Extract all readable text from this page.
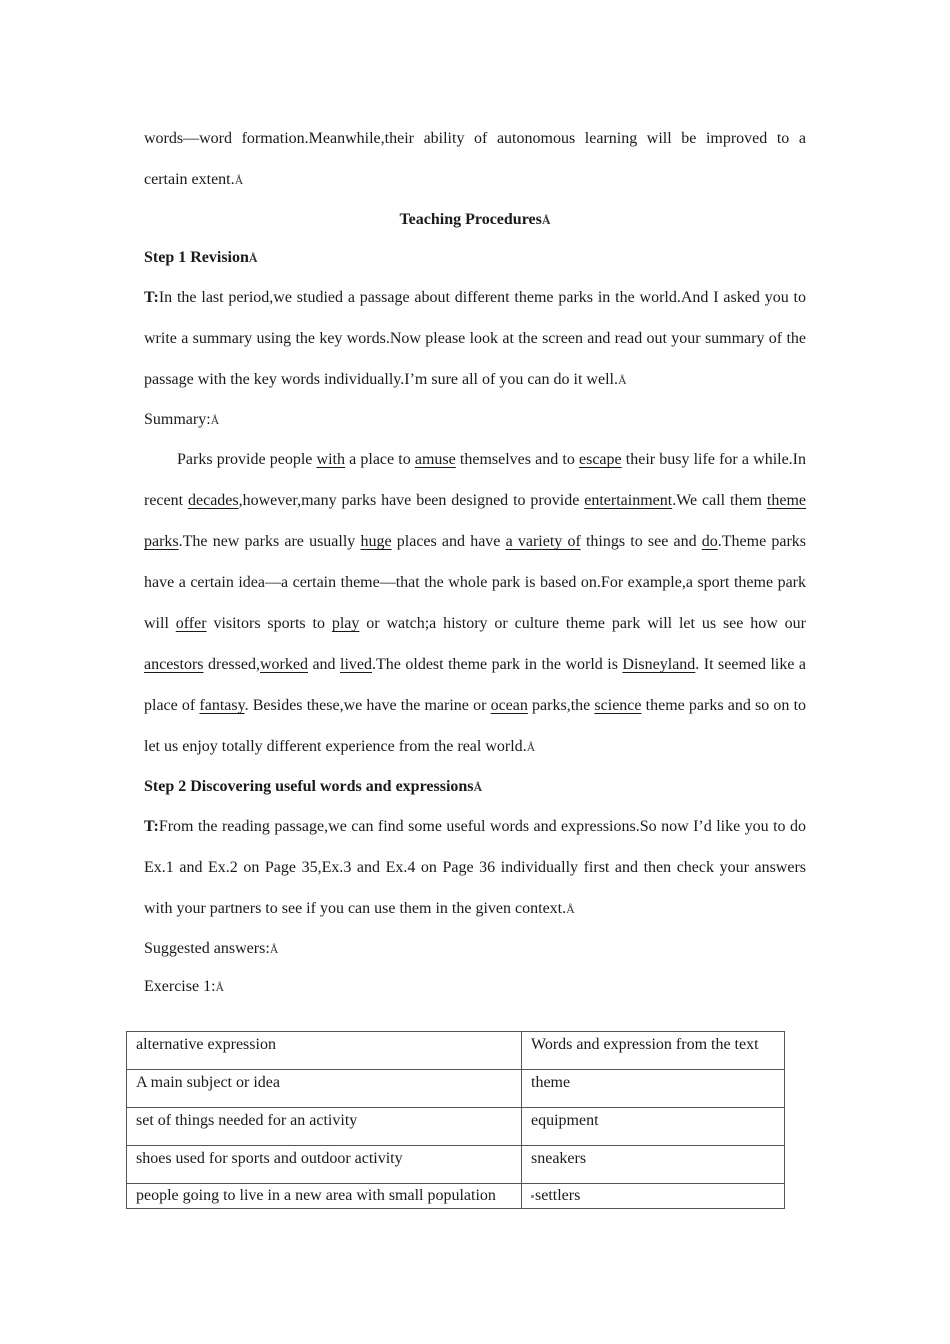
words—word formation.Meanwhile,their ability of autonomous learning will be improved to a

certain extent.Å

Teaching ProceduresÅ

Step 1 RevisionÅ

T:In the last period,we studied a passage about different theme parks in the world.And I asked you to write a summary using the key words.Now please look at the screen and read out your summary of the passage with the key words individually.I’m sure all of you can do it well.Å

Summary:Å

Parks provide people with a place to amuse themselves and to escape their busy life for a while.In recent decades,however,many parks have been designed to provide entertainment.We call them theme parks.The new parks are usually huge places and have a variety of things to see and do.Theme parks have a certain idea—a certain theme—that the whole park is based on.For example,a sport theme park will offer visitors sports to play or watch;a history or culture theme park will let us see how our ancestors dressed,worked and lived.The oldest theme park in the world is Disneyland. It seemed like a place of fantasy. Besides these,we have the marine or ocean parks,the science theme parks and so on to let us enjoy totally different experience from the real world.Å

Step 2 Discovering useful words and expressionsÅ

T:From the reading passage,we can find some useful words and expressions.So now I’d like you to do Ex.1 and Ex.2 on Page 35,Ex.3 and Ex.4 on Page 36 individually first and then check your answers with your partners to see if you can use them in the given context.Å

Suggested answers:Å

Exercise 1:Å

alternative expression	Words and expression from the text
A main subject or idea	theme
set of things needed for an activity	equipment
shoes used for sports and outdoor activity	sneakers
people going to live in a new area with small population	settlers
